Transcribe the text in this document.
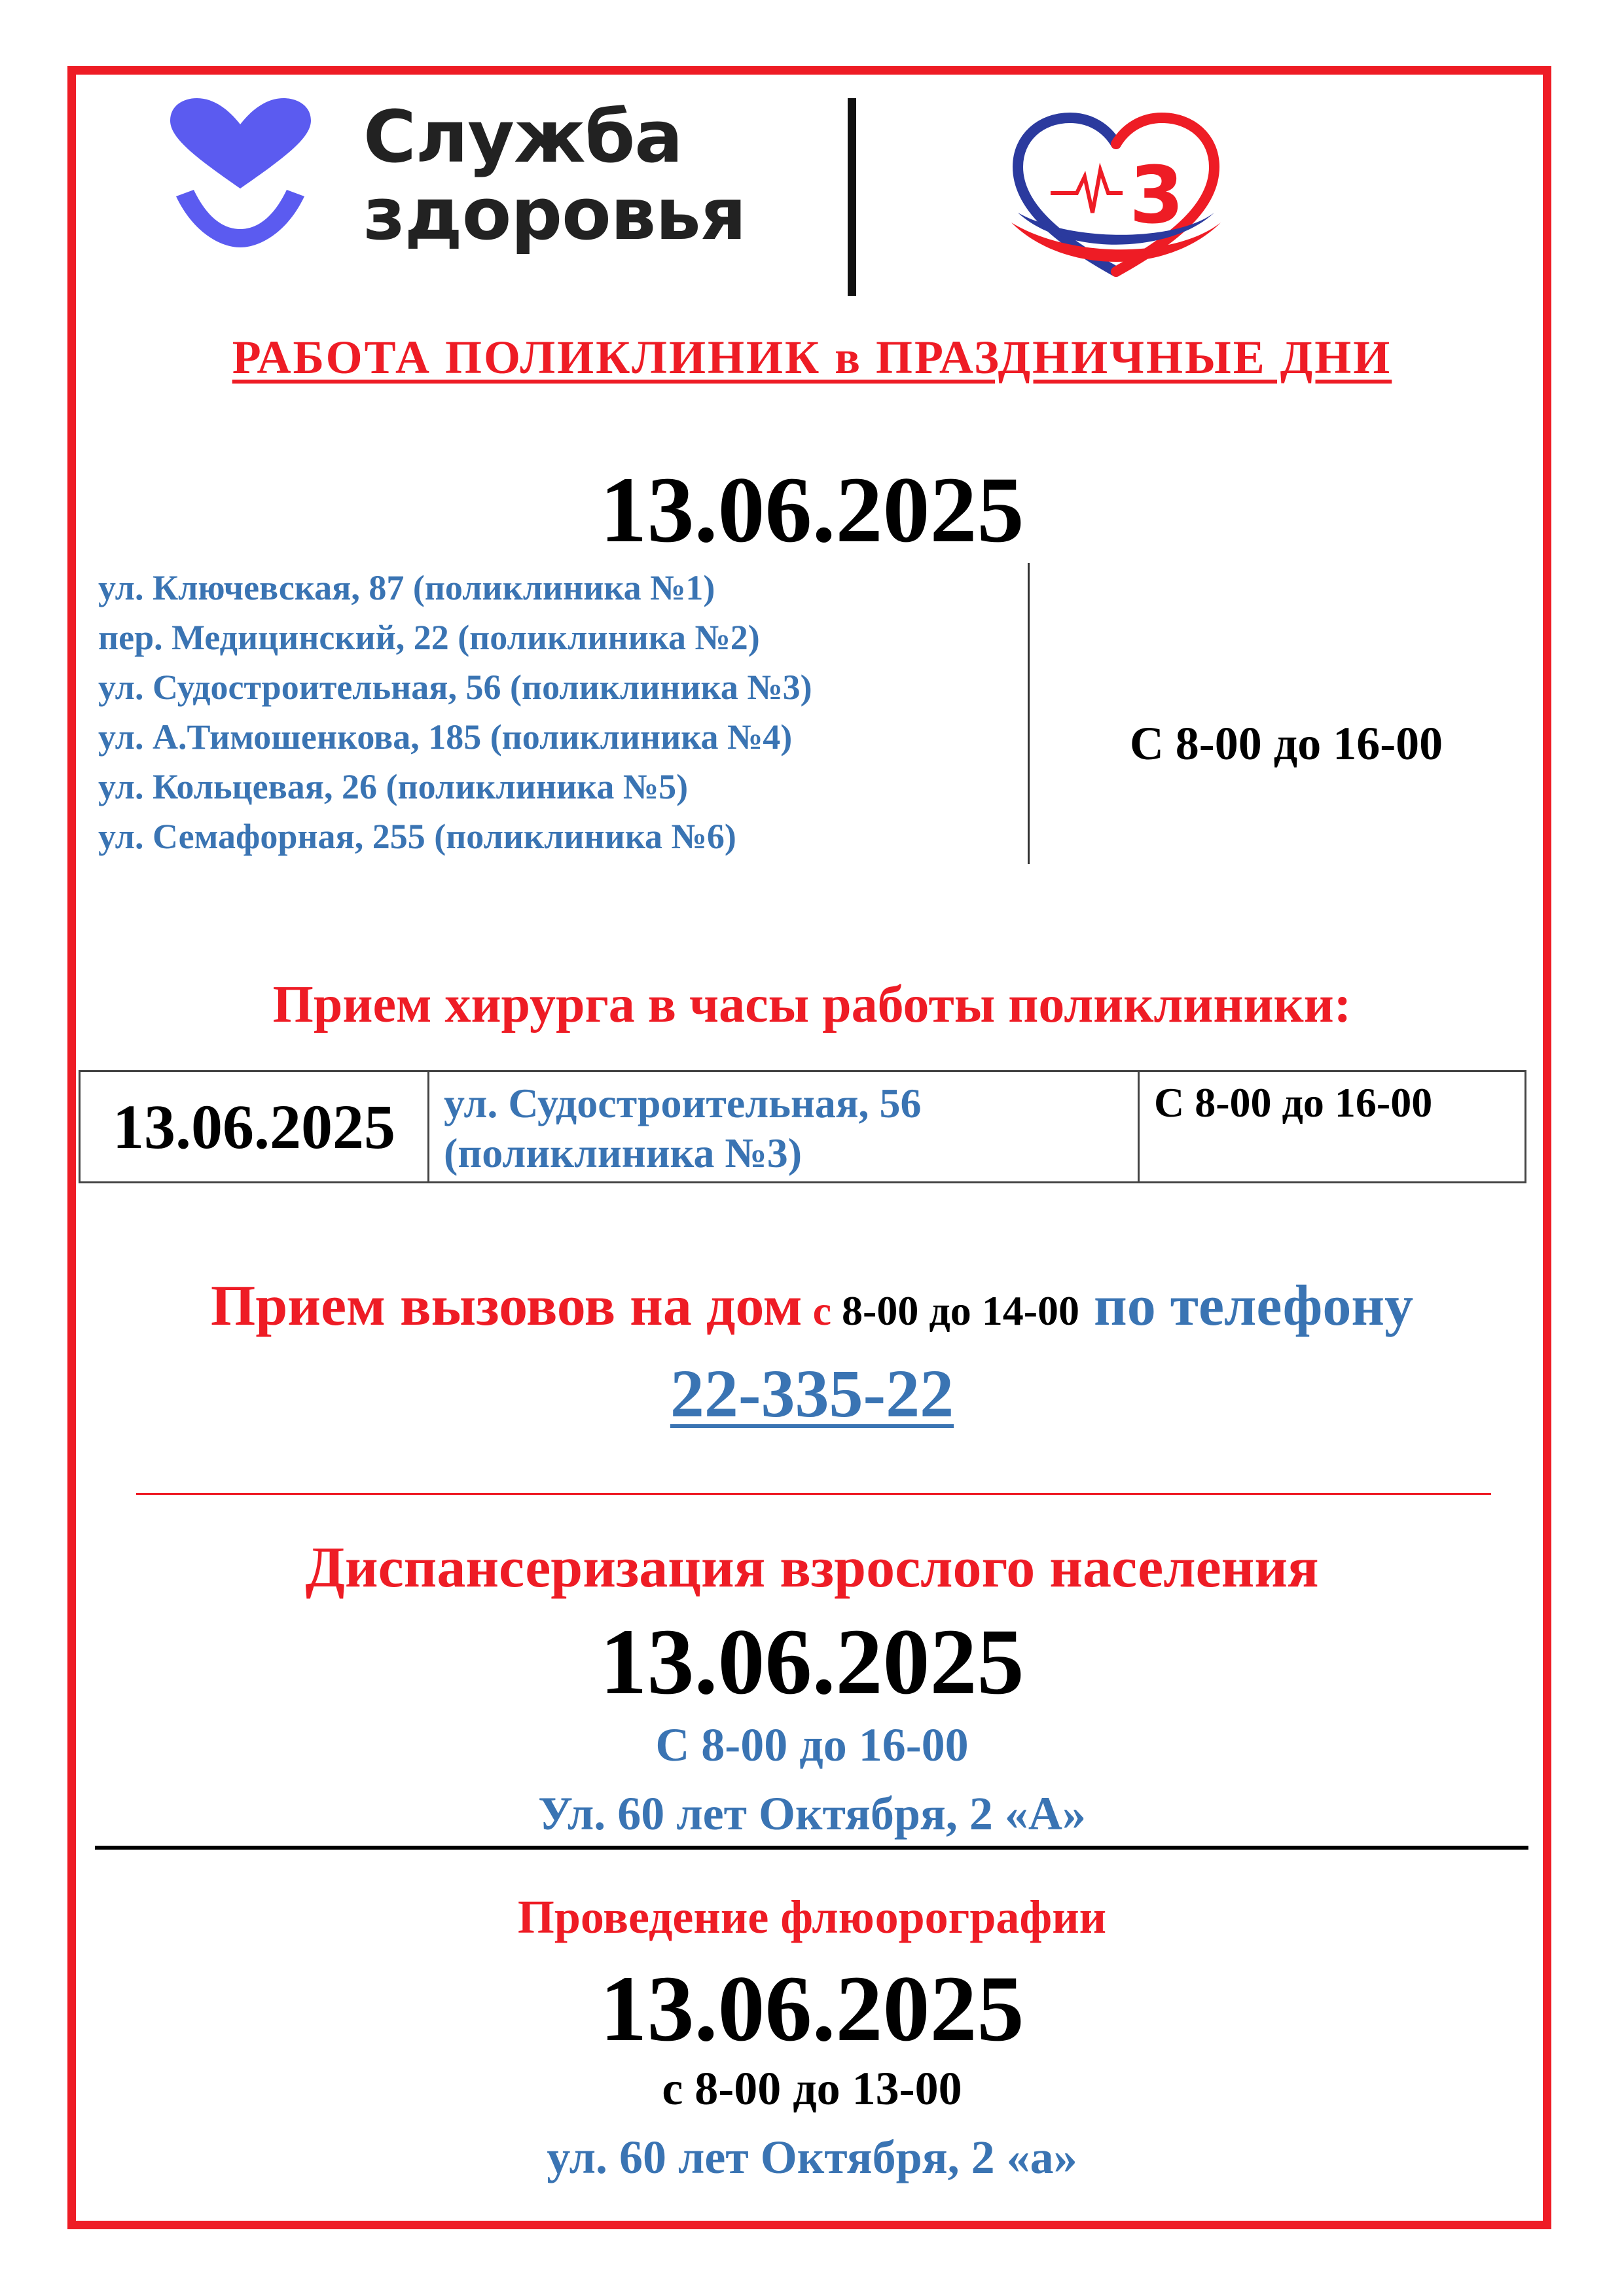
Служба
здоровья	3
РАБОТА ПОЛИКЛИНИК в ПРАЗДНИЧНЫЕ ДНИ
13.06.2025
ул. Ключевская, 87 (поликлиника №1)
пер. Медицинский, 22 (поликлиника №2)
ул. Судостроительная, 56 (поликлиника №3)
ул. А.Тимошенкова, 185 (поликлиника №4)
ул. Кольцевая, 26 (поликлиника №5)
ул. Семафорная, 255 (поликлиника №6)
С 8-00 до 16-00
Прием хирурга в часы работы поликлиники:
13.06.2025	ул. Судостроительная, 56
(поликлиника №3)
	С 8-00 до 16-00
Прием вызовов на дом с 8-00 до 14-00 по телефону
22-335-22
Диспансеризация взрослого населения
13.06.2025
С 8-00 до 16-00
Ул. 60 лет Октября, 2 «А»
Проведение флюорографии
13.06.2025
с 8-00 до 13-00
ул. 60 лет Октября, 2 «а»
